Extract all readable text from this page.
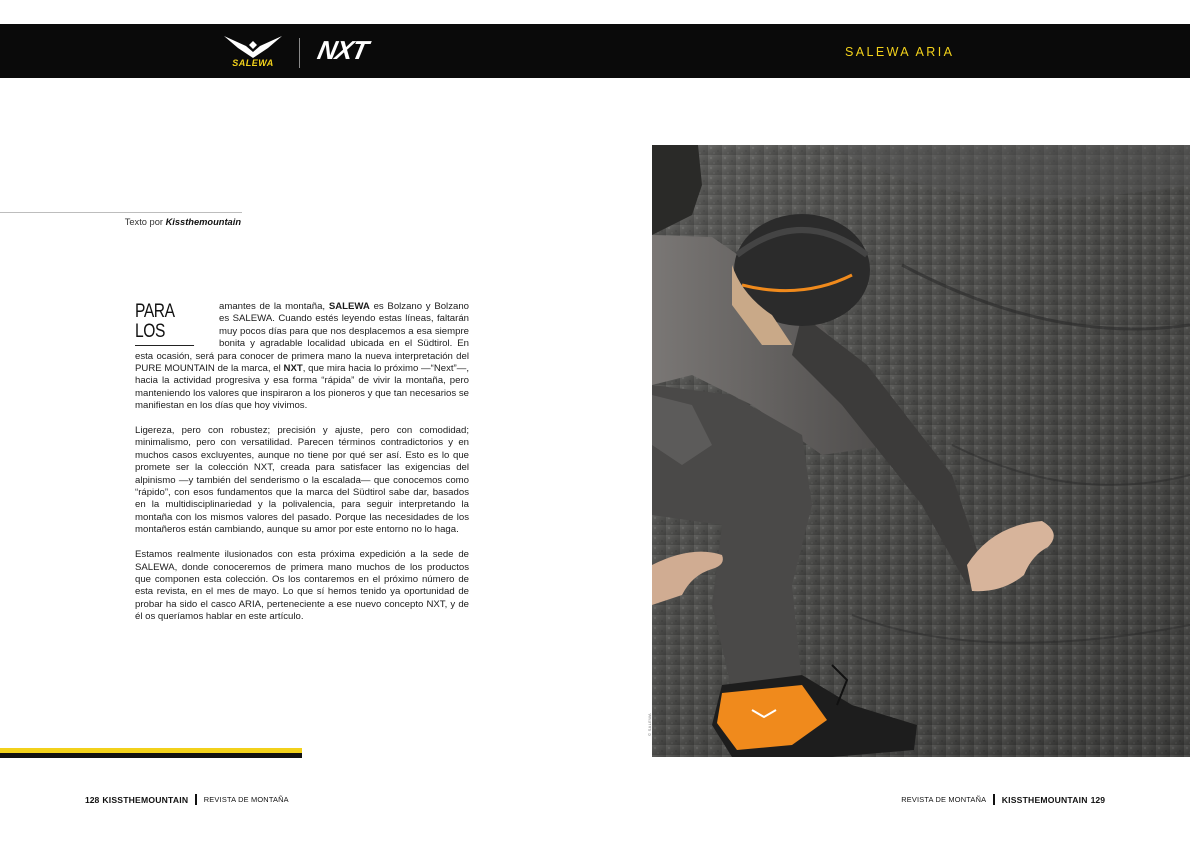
SALEWA	NXT	SALEWA ARIA
Texto por Kissthemountain

PARA LOS
amantes de la montaña, SALEWA es Bolzano y Bolzano es SALEWA. Cuando estés leyendo estas líneas, faltarán muy pocos días para que nos desplacemos a esa siempre bonita y agradable localidad ubicada en el Südtirol. En esta ocasión, será para conocer de primera mano la nueva interpretación del PURE MOUNTAIN de la marca, el NXT, que mira hacia lo próximo —“Next”—, hacia la actividad progresiva y esa forma “rápida” de vivir la montaña, pero manteniendo los valores que inspiraron a los pioneros y que tan necesarios se manifiestan en los días que hoy vivimos.

Ligereza, pero con robustez; precisión y ajuste, pero con comodidad; minimalismo, pero con versatilidad. Parecen términos contradictorios y en muchos casos excluyentes, aunque no tiene por qué ser así. Esto es lo que promete ser la colección NXT, creada para satisfacer las exigencias del alpinismo —y también del senderismo o la escalada— que conocemos como “rápido”, con esos fundamentos que la marca del Südtirol sabe dar, basados en la multidisciplinariedad y la polivalencia, para seguir interpretando la montaña con los mismos valores del pasado. Porque las necesidades de los montañeros están cambiando, aunque su amor por este entorno no lo haga.

Estamos realmente ilusionados con esta próxima expedición a la sede de SALEWA, donde conoceremos de primera mano muchos de los productos que componen esta colección. Os los contaremos en el próximo número de esta revista, en el mes de mayo. Lo que sí hemos tenido ya oportunidad de probar ha sido el casco ARIA, perteneciente a ese nuevo concepto NXT, y de él os queríamos hablar en este artículo.

© SALEWA
128 KISSTHEMOUNTAIN REVISTA DE MONTAÑA	REVISTA DE MONTAÑA KISSTHEMOUNTAIN 129
